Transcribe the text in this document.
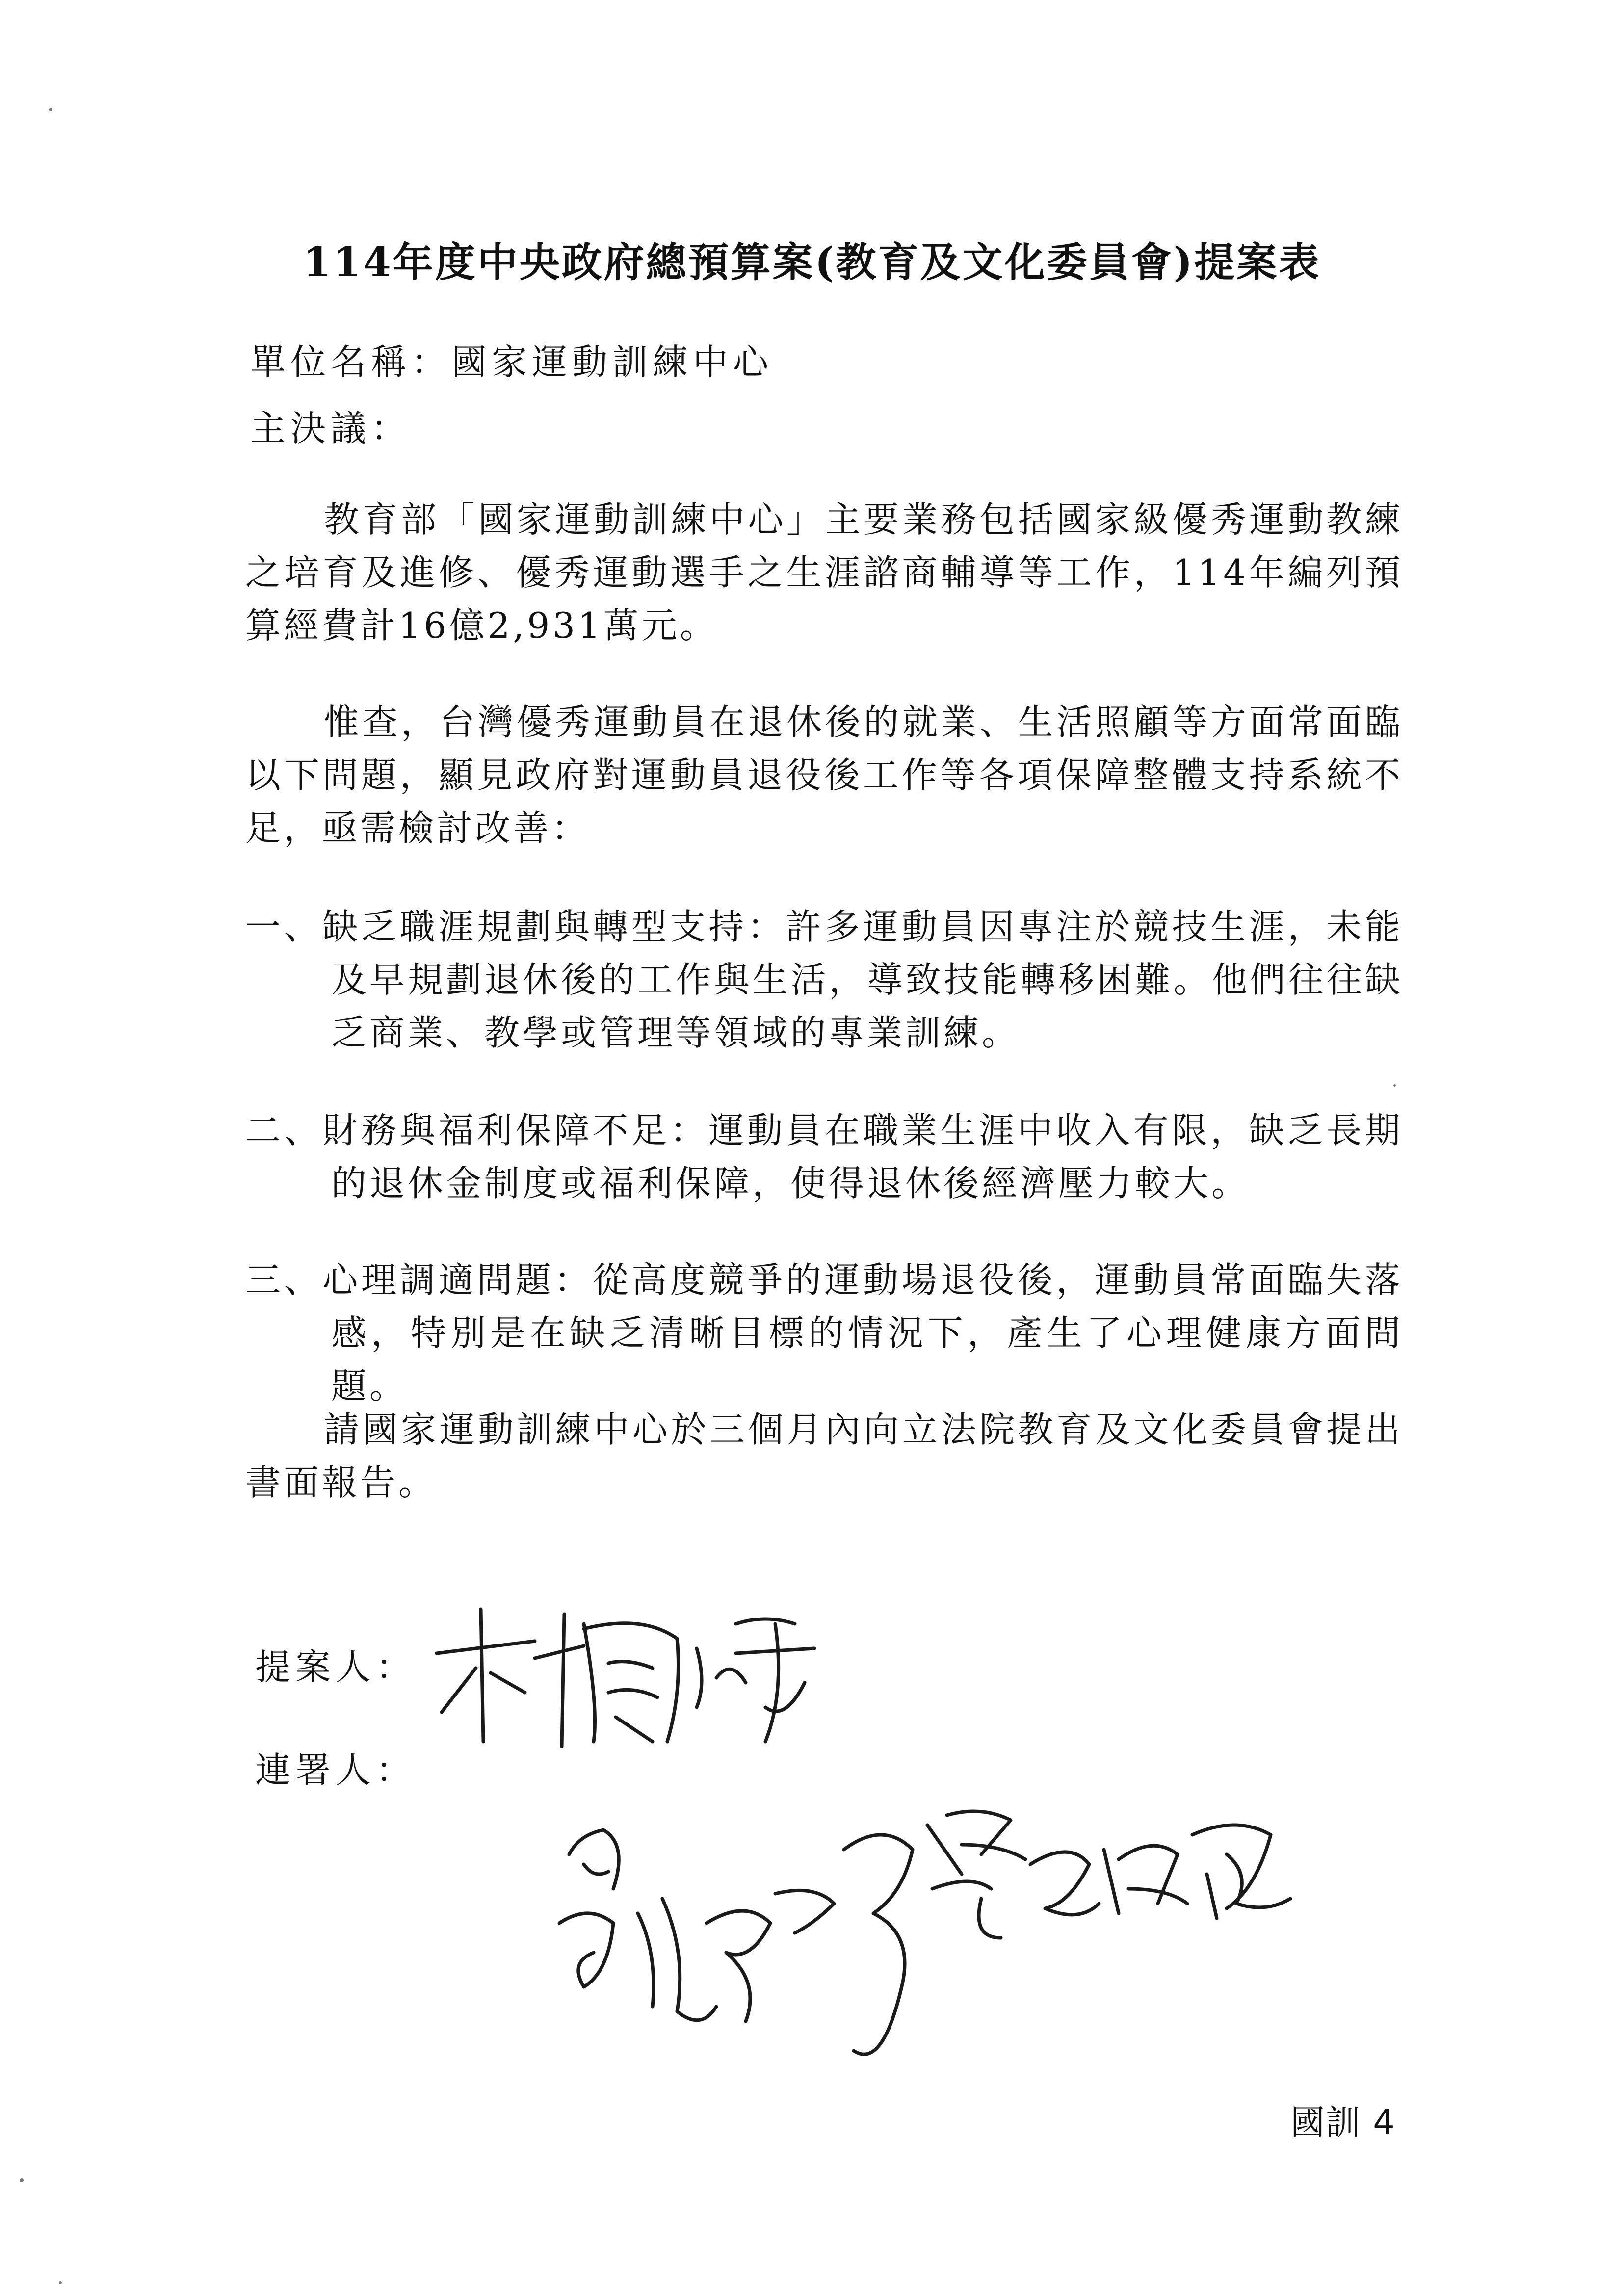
114年度中央政府總預算案(教育及文化委員會)提案表

單位名稱：國家運動訓練中心

主決議：

教育部「國家運動訓練中心」主要業務包括國家級優秀運動教練之培育及進修、優秀運動選手之生涯諮商輔導等工作，114年編列預算經費計16億2,931萬元。

惟查，台灣優秀運動員在退休後的就業、生活照顧等方面常面臨以下問題，顯見政府對運動員退役後工作等各項保障整體支持系統不足，亟需檢討改善：

一、缺乏職涯規劃與轉型支持：許多運動員因專注於競技生涯，未能及早規劃退休後的工作與生活，導致技能轉移困難。他們往往缺乏商業、教學或管理等領域的專業訓練。

二、財務與福利保障不足：運動員在職業生涯中收入有限，缺乏長期的退休金制度或福利保障，使得退休後經濟壓力較大。

三、心理調適問題：從高度競爭的運動場退役後，運動員常面臨失落感，特別是在缺乏清晰目標的情況下，產生了心理健康方面問題。

請國家運動訓練中心於三個月內向立法院教育及文化委員會提出書面報告。

提案人：
連署人：
國訓 4
